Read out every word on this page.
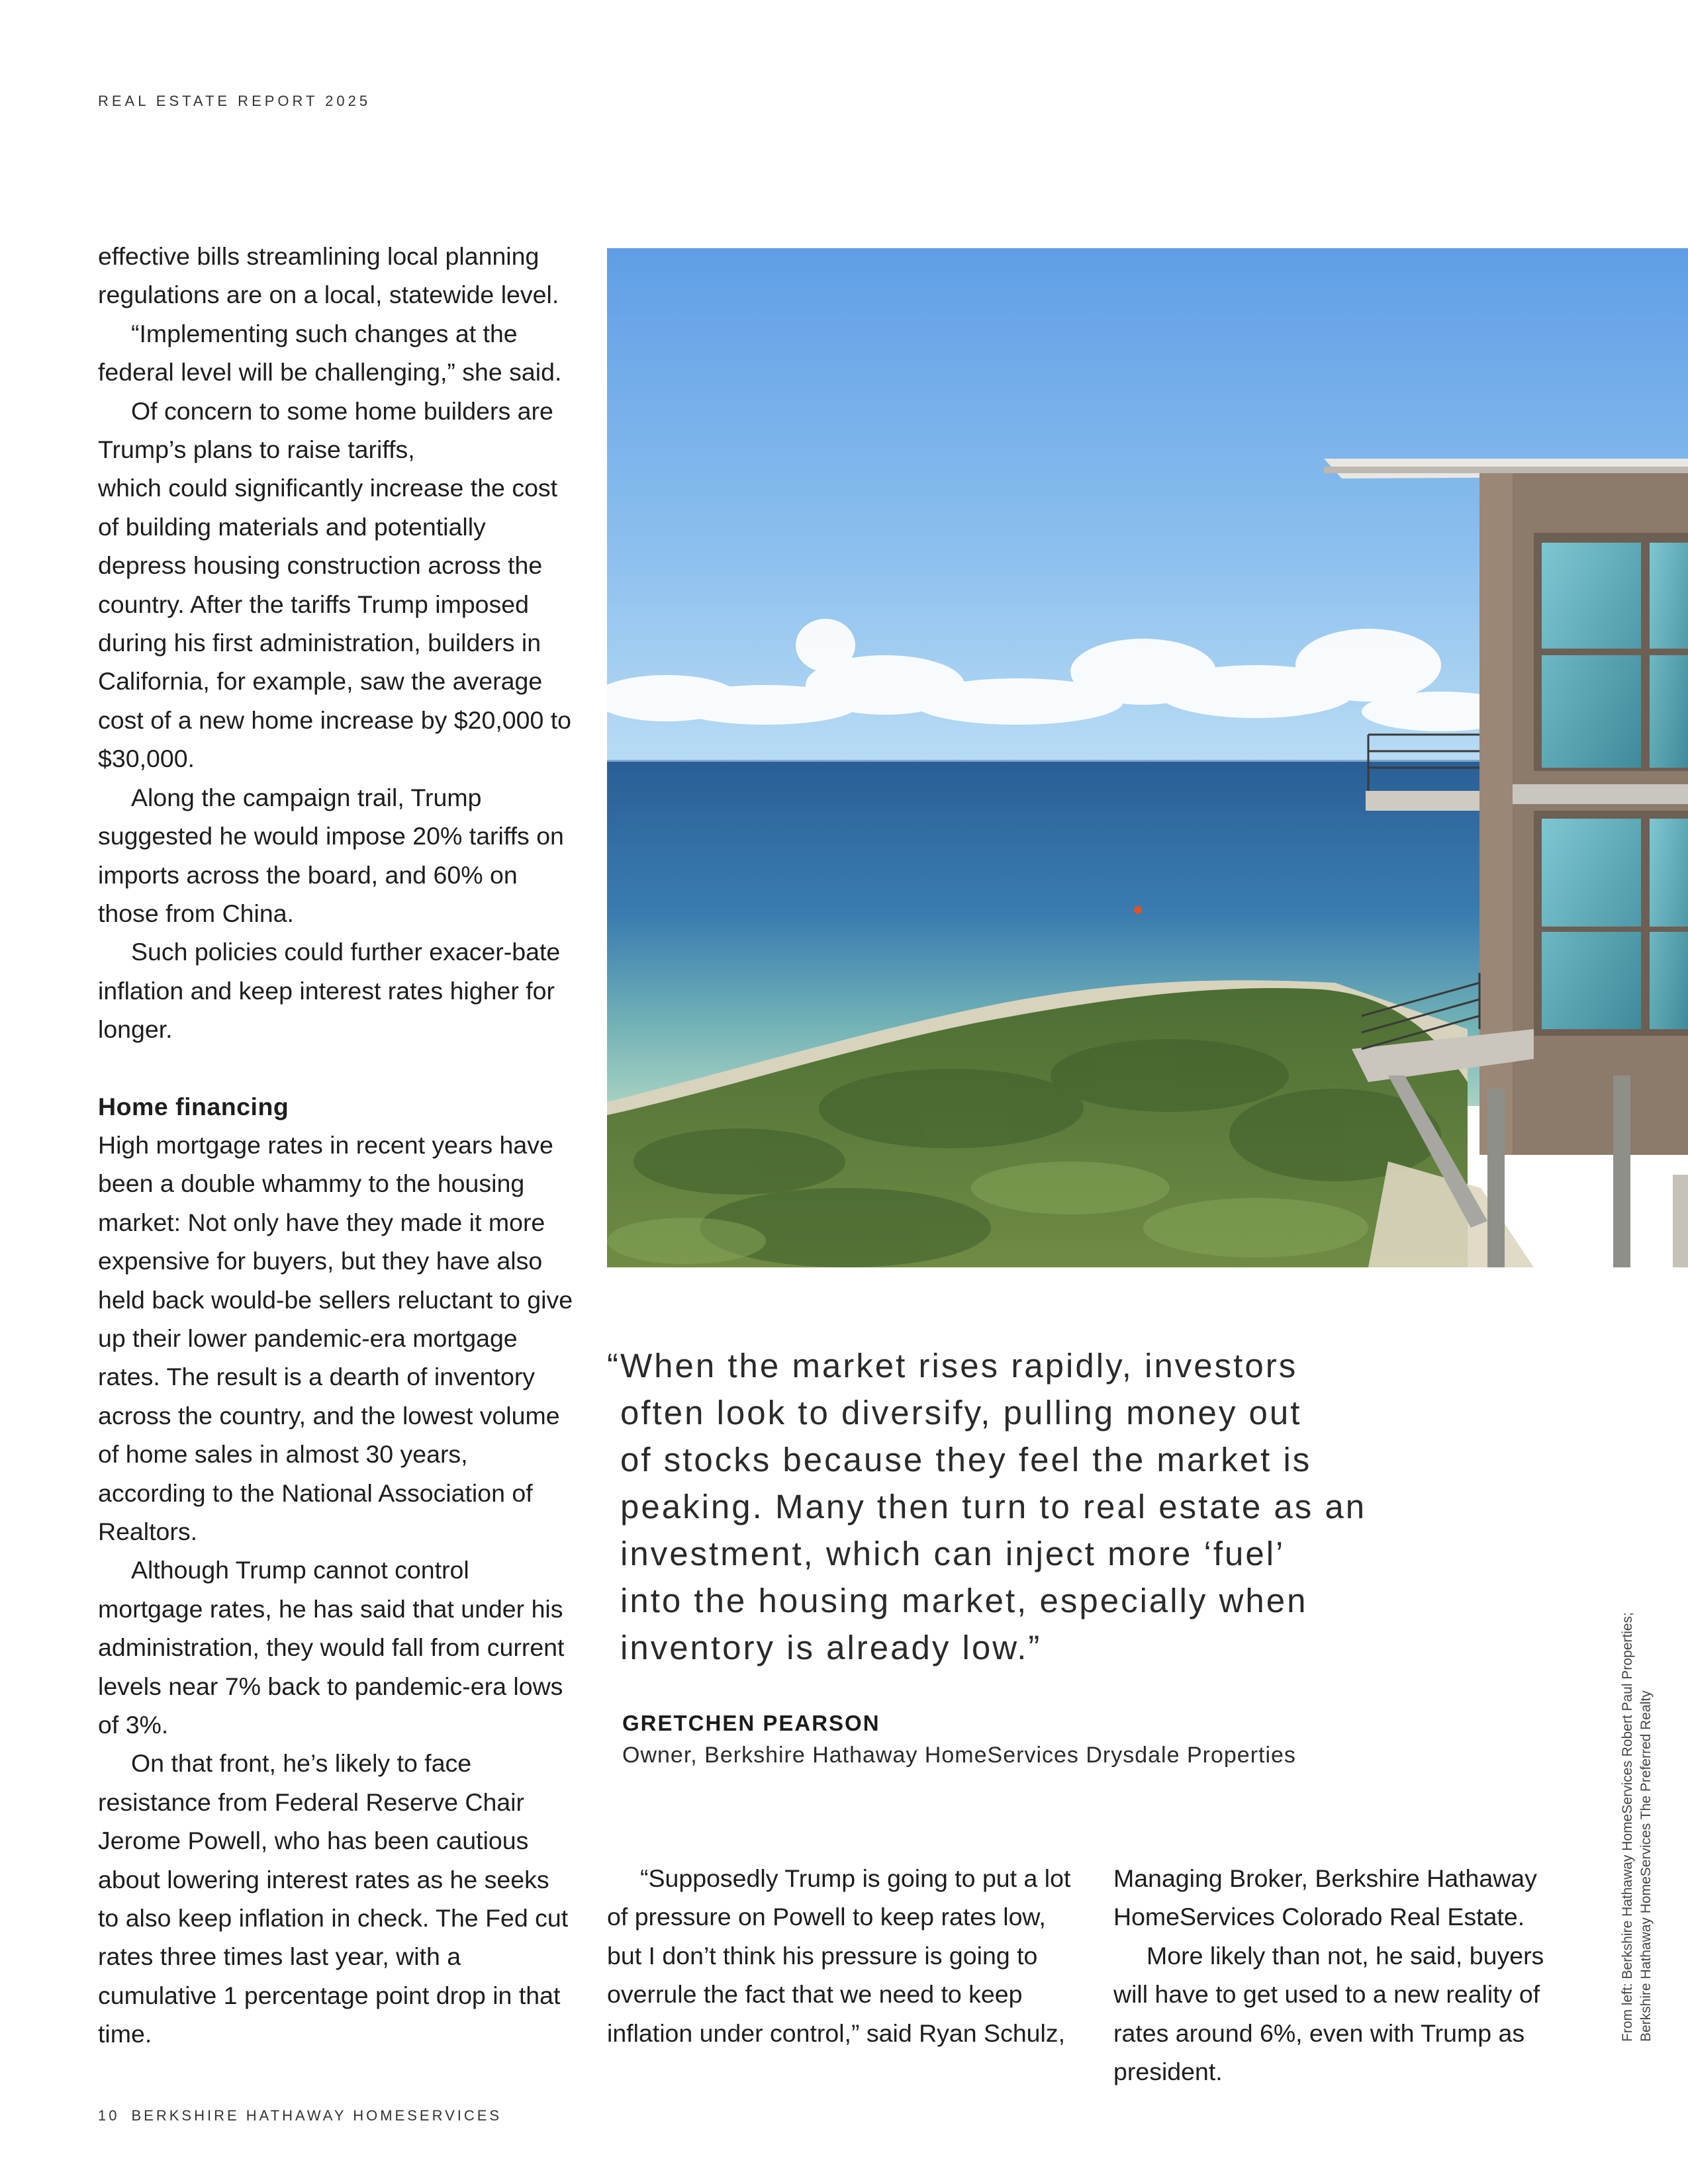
REAL ESTATE REPORT 2025

effective bills streamlining local planning regulations are on a local, statewide level.

“Implementing such changes at the federal level will be challenging,” she said.

Of concern to some home builders are Trump’s plans to raise tariffs,

which could significantly increase the cost of building materials and potentially depress housing construction across the country. After the tariffs Trump imposed during his first administration, builders in California, for example, saw the average cost of a new home increase by $20,000 to $30,000.

Along the campaign trail, Trump suggested he would impose 20% tariffs on imports across the board, and 60% on those from China.

Such policies could further exacer-bate inflation and keep interest rates higher for longer.

Home financing

High mortgage rates in recent years have been a double whammy to the housing market: Not only have they made it more expensive for buyers, but they have also held back would-be sellers reluctant to give up their lower pandemic-era mortgage rates. The result is a dearth of inventory across the country, and the lowest volume of home sales in almost 30 years, according to the National Association of Realtors.

Although Trump cannot control mortgage rates, he has said that under his administration, they would fall from current levels near 7% back to pandemic-era lows of 3%.

On that front, he’s likely to face resistance from Federal Reserve Chair Jerome Powell, who has been cautious about lowering interest rates as he seeks to also keep inflation in check. The Fed cut rates three times last year, with a cumulative 1 percentage point drop in that time.

“When the market rises rapidly, investors
often look to diversify, pulling money out
of stocks because they feel the market is
peaking. Many then turn to real estate as an
investment, which can inject more ‘fuel’
into the housing market, especially when
inventory is already low.”
GRETCHEN PEARSON
Owner, Berkshire Hathaway HomeServices Drysdale Properties

“Supposedly Trump is going to put a lot of pressure on Powell to keep rates low, but I don’t think his pressure is going to overrule the fact that we need to keep inflation under control,” said Ryan Schulz,

Managing Broker, Berkshire Hathaway HomeServices Colorado Real Estate.

More likely than not, he said, buyers will have to get used to a new reality of rates around 6%, even with Trump as president.

From left: Berkshire Hathaway HomeServices Robert Paul Properties; Berkshire Hathaway HomeServices The Preferred Realty
10 BERKSHIRE HATHAWAY HOMESERVICES
